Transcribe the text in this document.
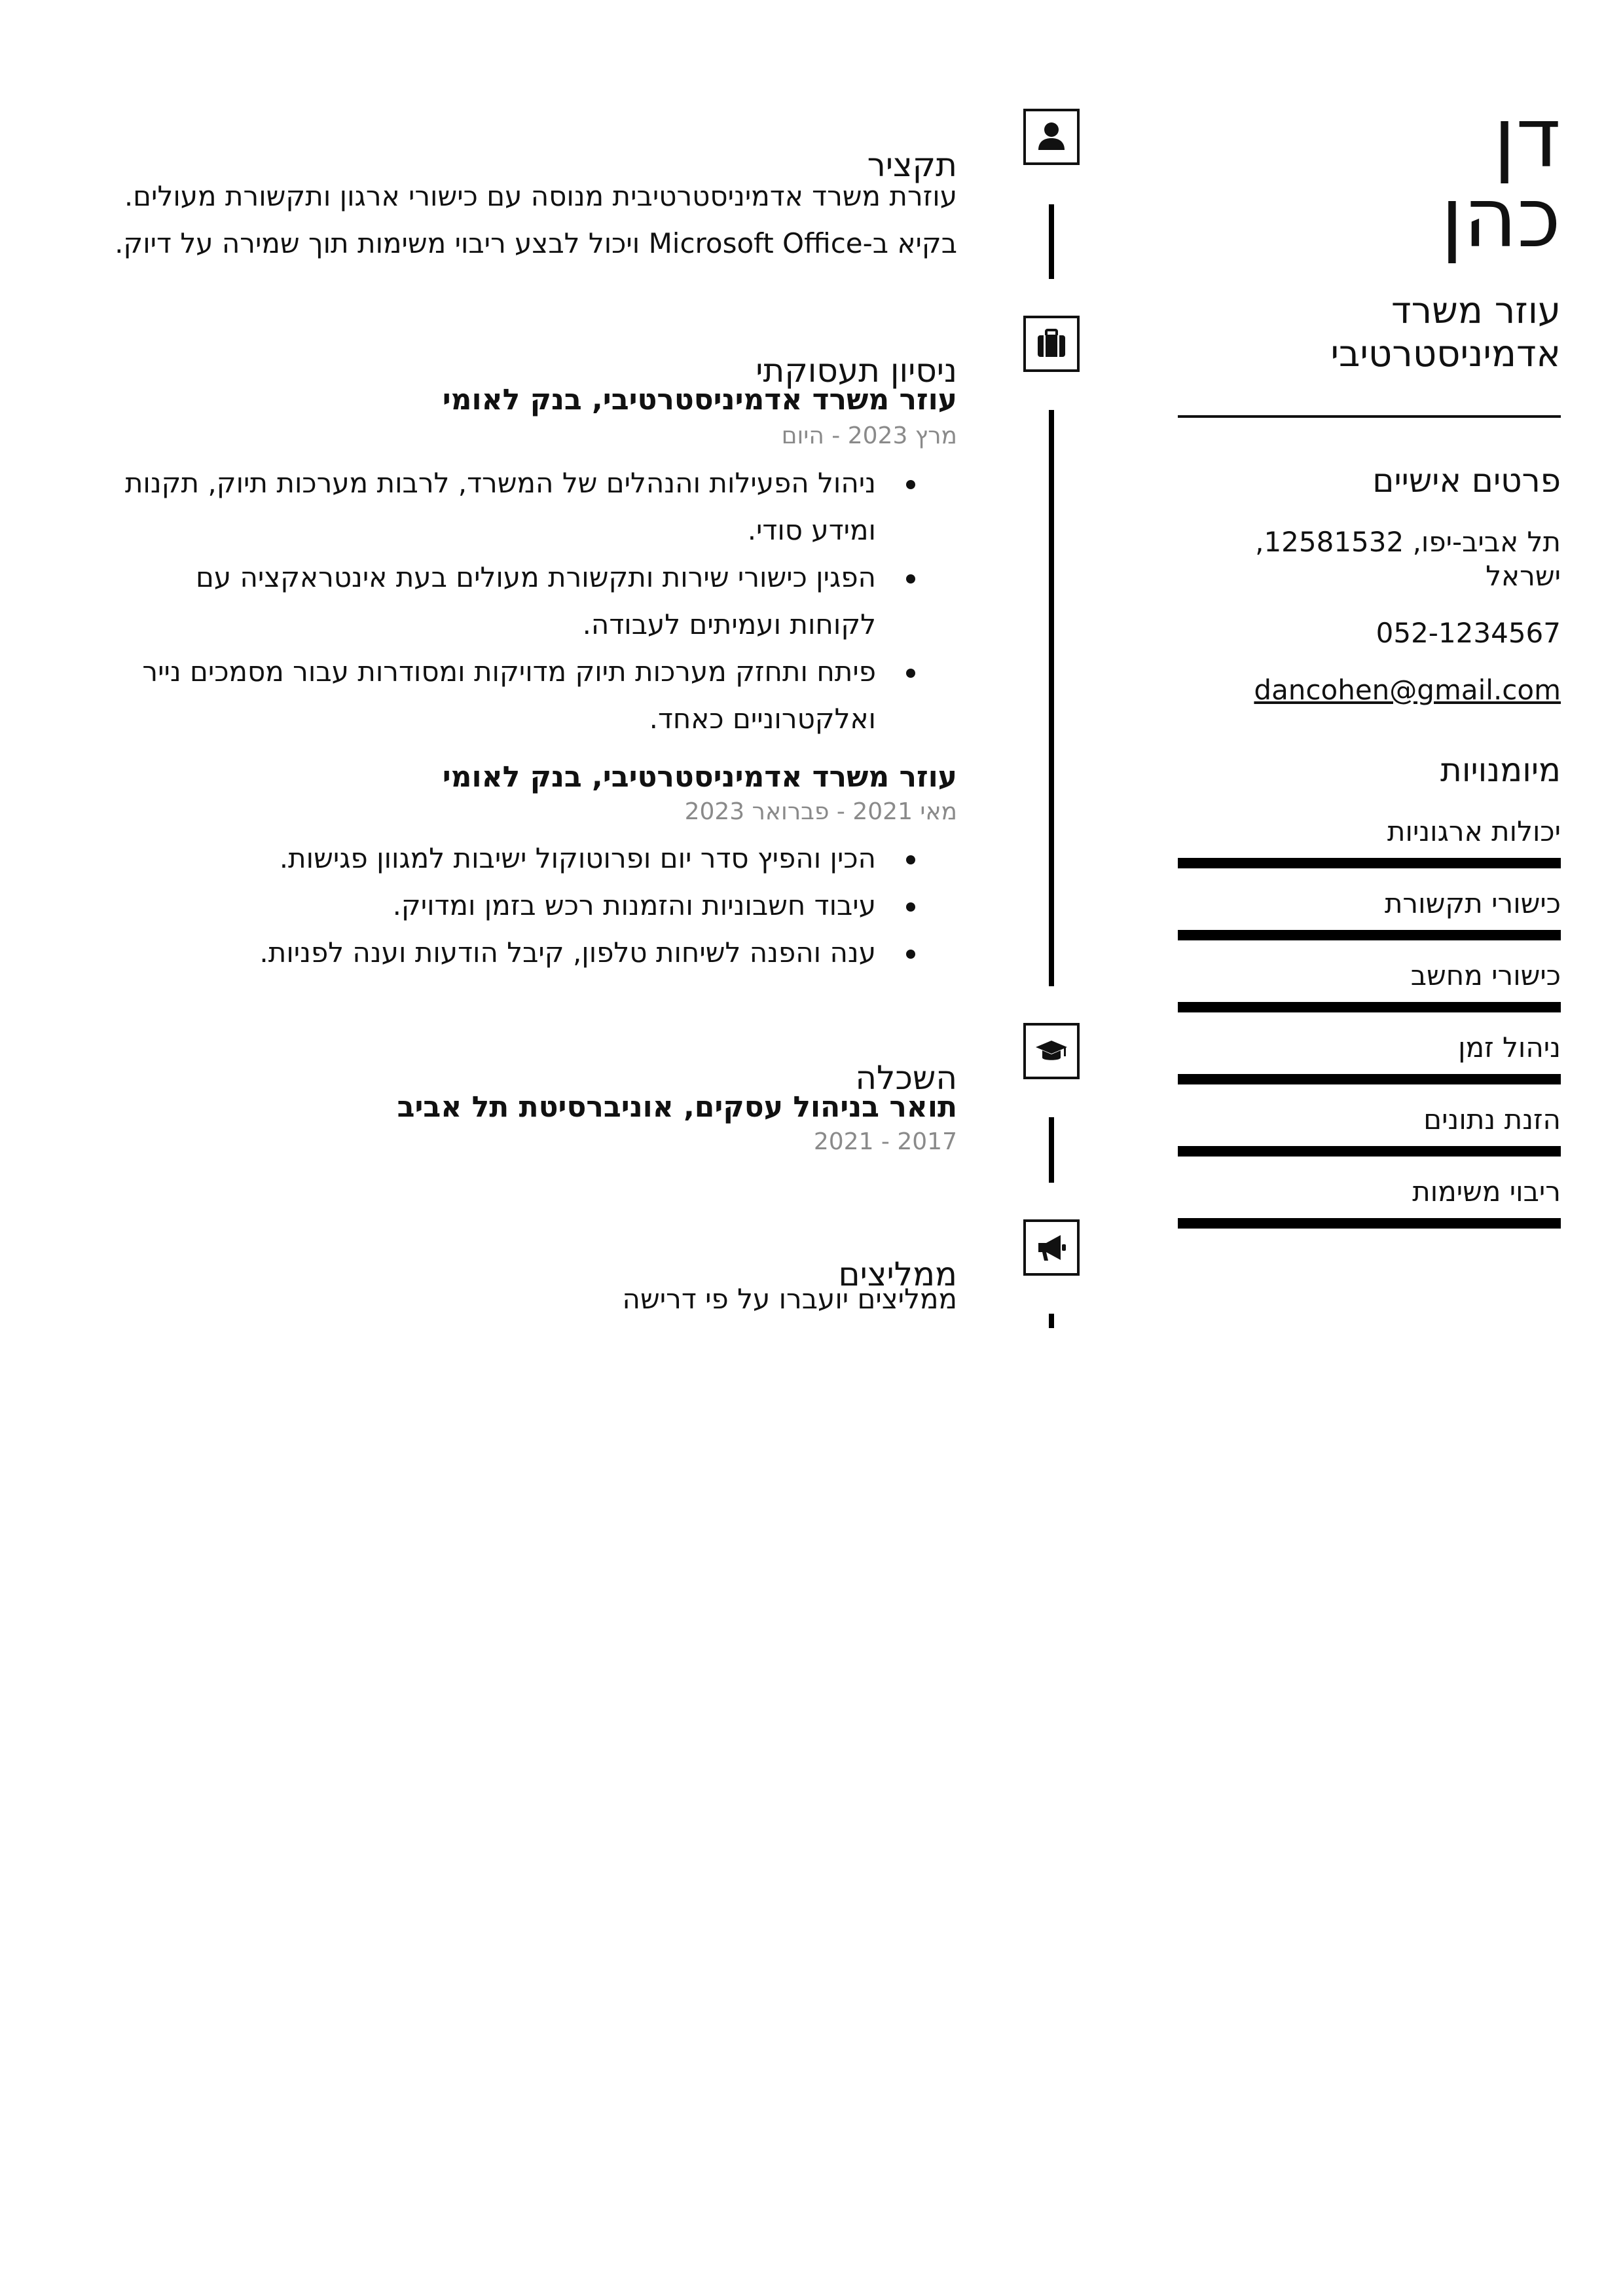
דן
כהן
עוזר משרד
אדמיניסטרטיבי
פרטים אישיים
תל אביב-יפו, 12581532, ישראל
052-1234567
dancohen@gmail.com
מיומנויות
יכולות ארגוניות
כישורי תקשורת
כישורי מחשב
ניהול זמן
הזנת נתונים
ריבוי משימות
תקציר
עוזרת משרד אדמיניסטרטיבית מנוסה עם כישורי ארגון ותקשורת מעולים.
בקיא ב-Microsoft Office ויכול לבצע ריבוי משימות תוך שמירה על דיוק.
ניסיון תעסוקתי
עוזר משרד אדמיניסטרטיבי, בנק לאומי
מרץ 2023 - היום
ניהול הפעילות והנהלים של המשרד, לרבות מערכות תיוק, תקנות ומידע סודי.
הפגין כישורי שירות ותקשורת מעולים בעת אינטראקציה עם לקוחות ועמיתים לעבודה.
פיתח ותחזק מערכות תיוק מדויקות ומסודרות עבור מסמכים נייר ואלקטרוניים כאחד.
עוזר משרד אדמיניסטרטיבי, בנק לאומי
מאי 2021 - פברואר 2023
הכין והפיץ סדר יום ופרוטוקול ישיבות למגוון פגישות.
עיבוד חשבוניות והזמנות רכש בזמן ומדויק.
ענה והפנה לשיחות טלפון, קיבל הודעות וענה לפניות.
השכלה
תואר בניהול עסקים, אוניברסיטת תל אביב
2017 - 2021
ממליצים
ממליצים יועברו על פי דרישה
